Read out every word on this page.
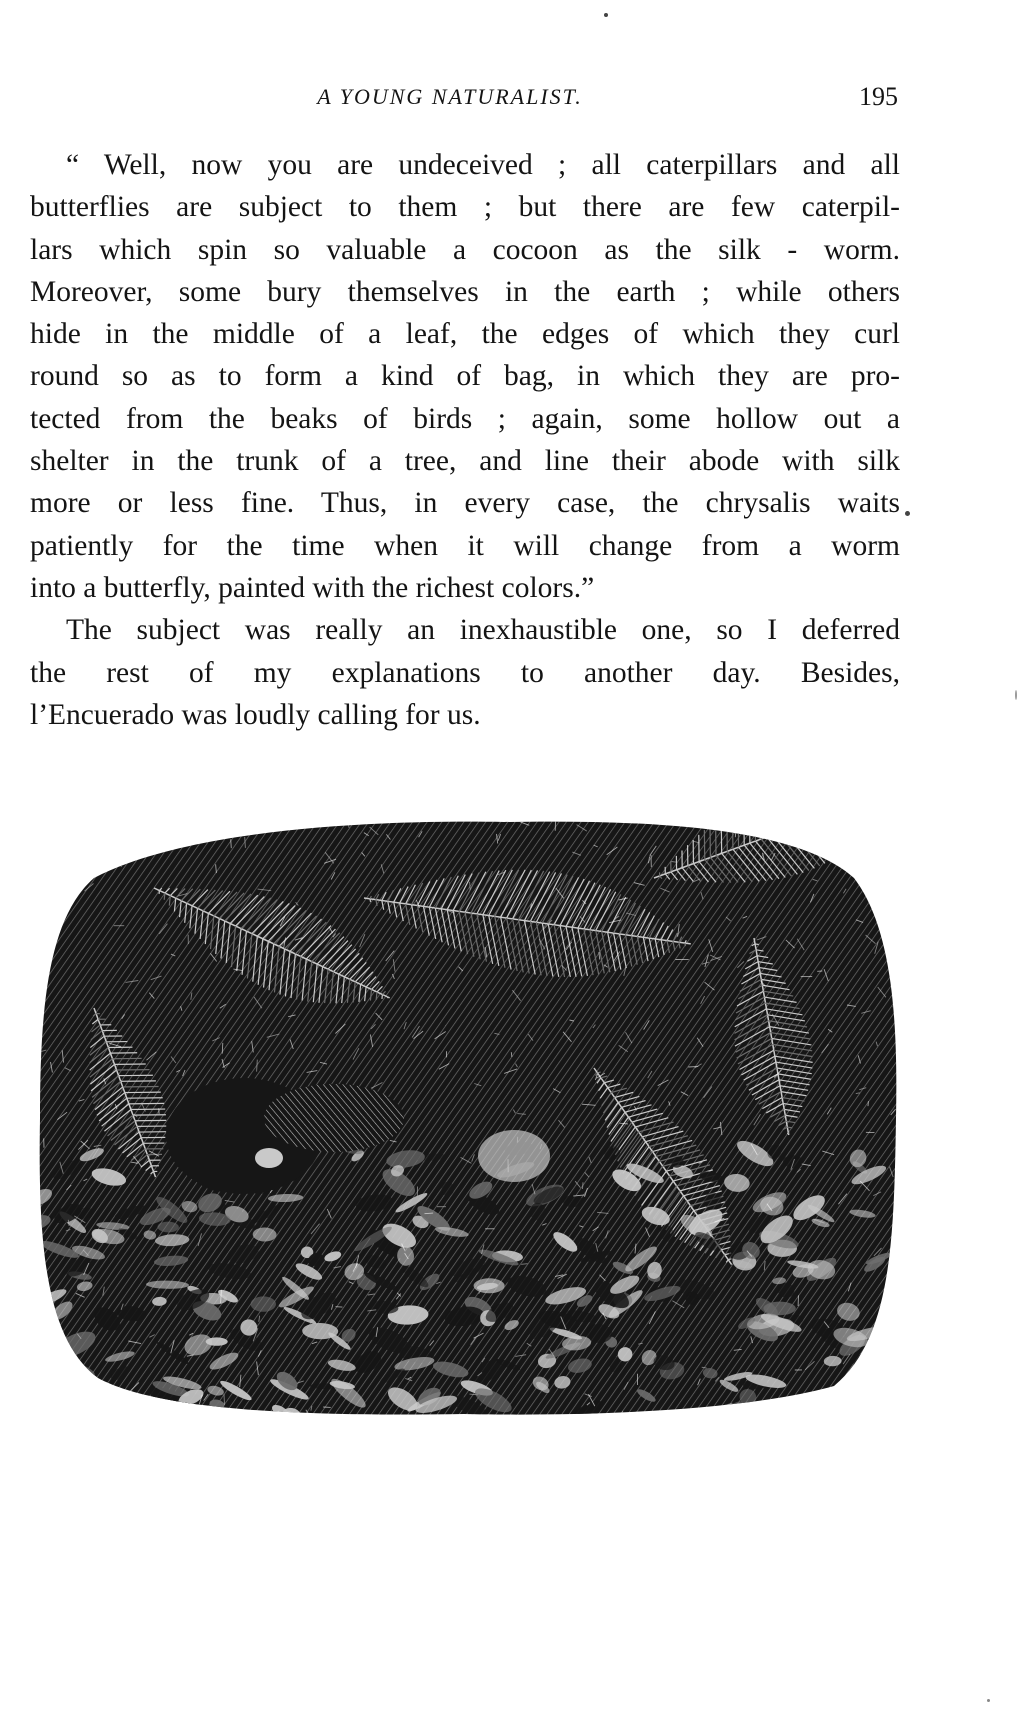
A YOUNG NATURALIST.	195
“ Well, now you are undeceived ; all caterpillars and all
butterflies are subject to them ; but there are few caterpil-
lars which spin so valuable a cocoon as the silk - worm.
Moreover, some bury themselves in the earth ; while others
hide in the middle of a leaf, the edges of which they curl
round so as to form a kind of bag, in which they are pro-
tected from the beaks of birds ; again, some hollow out a
shelter in the trunk of a tree, and line their abode with silk
more or less fine. Thus, in every case, the chrysalis waits
patiently for the time when it will change from a worm
into a butterfly, painted with the richest colors.”
The subject was really an inexhaustible one, so I deferred
the rest of my explanations to another day. Besides,
l’Encuerado was loudly calling for us.
